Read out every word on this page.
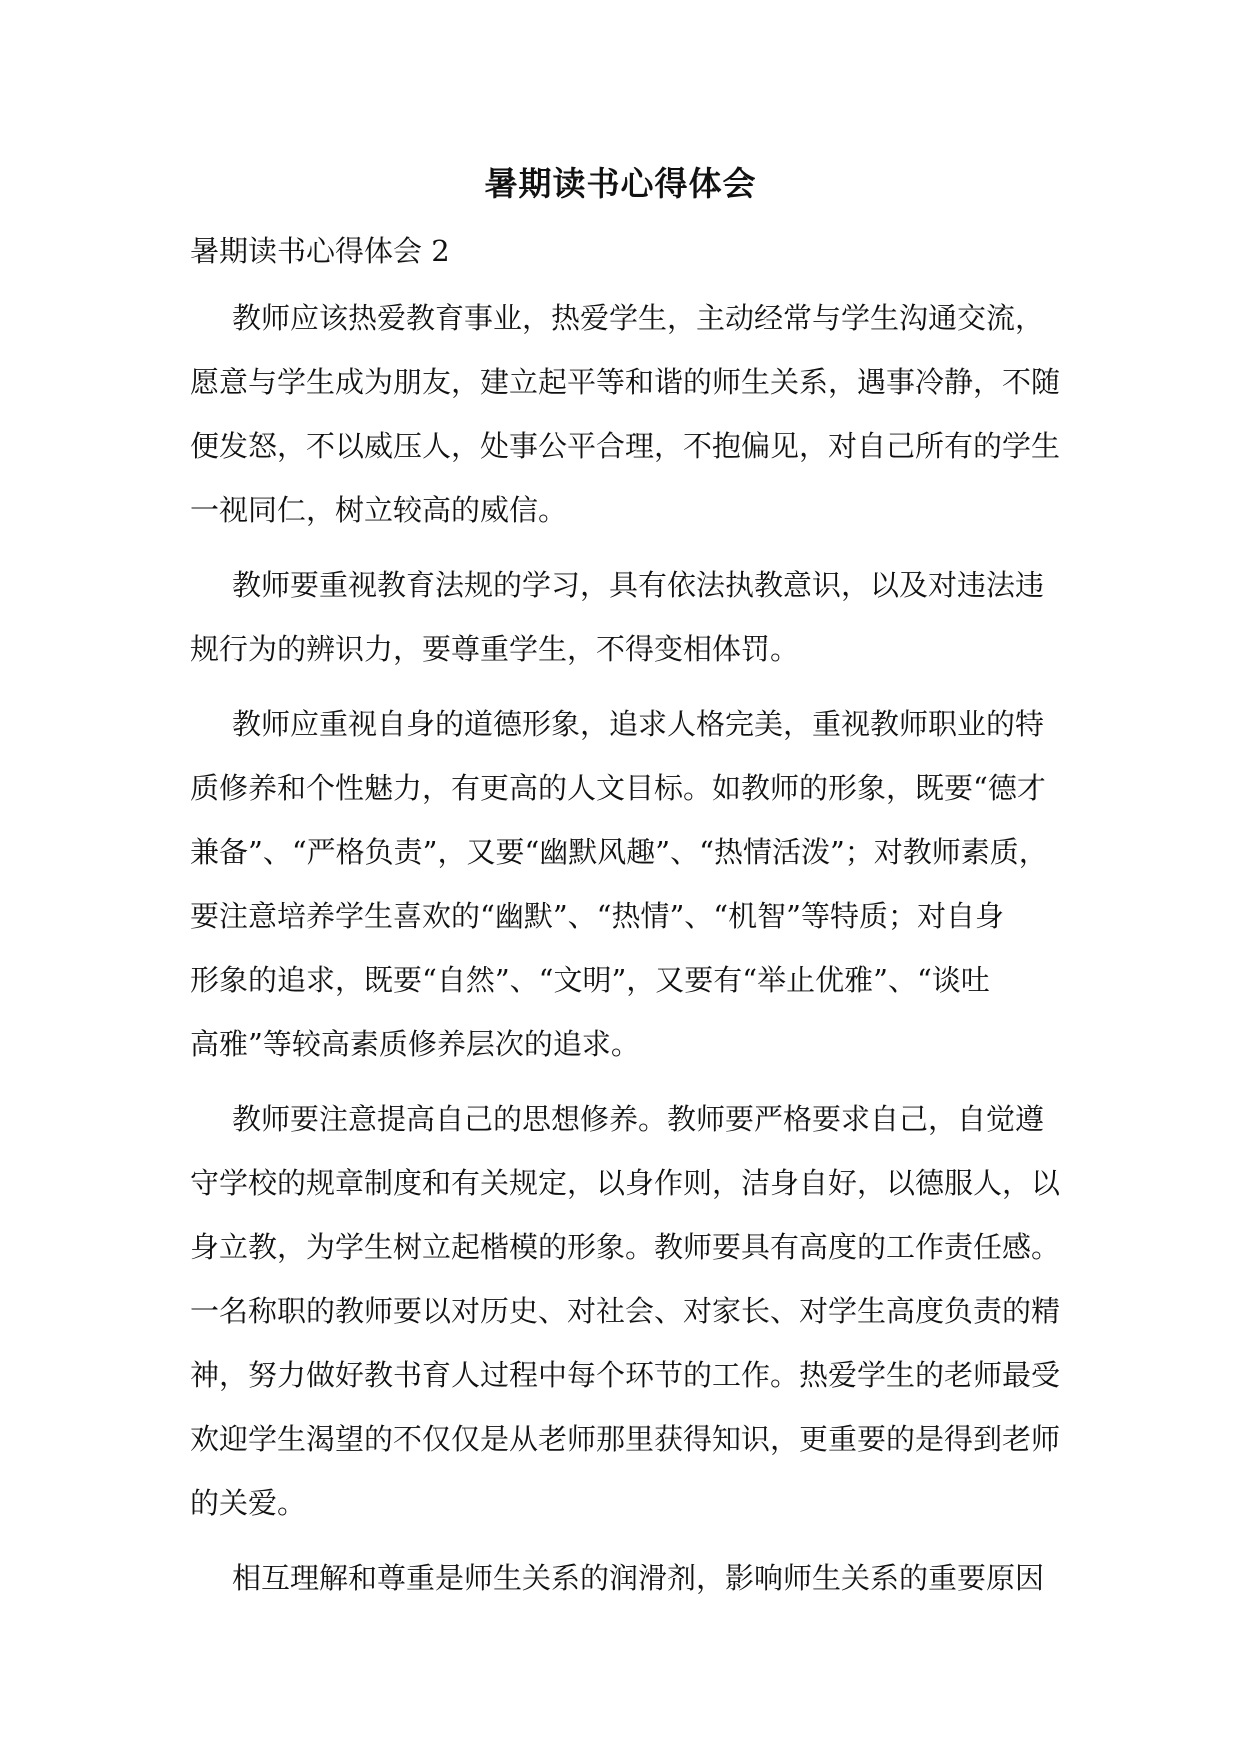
暑期读书心得体会
暑期读书心得体会 2

教师应该热爱教育事业，热爱学生，主动经常与学生沟通交流，
愿意与学生成为朋友，建立起平等和谐的师生关系，遇事冷静，不随
便发怒，不以威压人，处事公平合理，不抱偏见，对自己所有的学生
一视同仁，树立较高的威信。

教师要重视教育法规的学习，具有依法执教意识，以及对违法违
规行为的辨识力，要尊重学生，不得变相体罚。

教师应重视自身的道德形象，追求人格完美，重视教师职业的特
质修养和个性魅力，有更高的人文目标。如教师的形象，既要“德才
兼备”、“严格负责”，又要“幽默风趣”、“热情活泼”；对教师素质，
要注意培养学生喜欢的“幽默”、“热情”、“机智”等特质；对自身
形象的追求，既要“自然”、“文明”，又要有“举止优雅”、“谈吐
高雅”等较高素质修养层次的追求。

教师要注意提高自己的思想修养。教师要严格要求自己，自觉遵
守学校的规章制度和有关规定，以身作则，洁身自好，以德服人，以
身立教，为学生树立起楷模的形象。教师要具有高度的工作责任感。
一名称职的教师要以对历史、对社会、对家长、对学生高度负责的精
神，努力做好教书育人过程中每个环节的工作。热爱学生的老师最受
欢迎学生渴望的不仅仅是从老师那里获得知识，更重要的是得到老师
的关爱。

相互理解和尊重是师生关系的润滑剂，影响师生关系的重要原因
